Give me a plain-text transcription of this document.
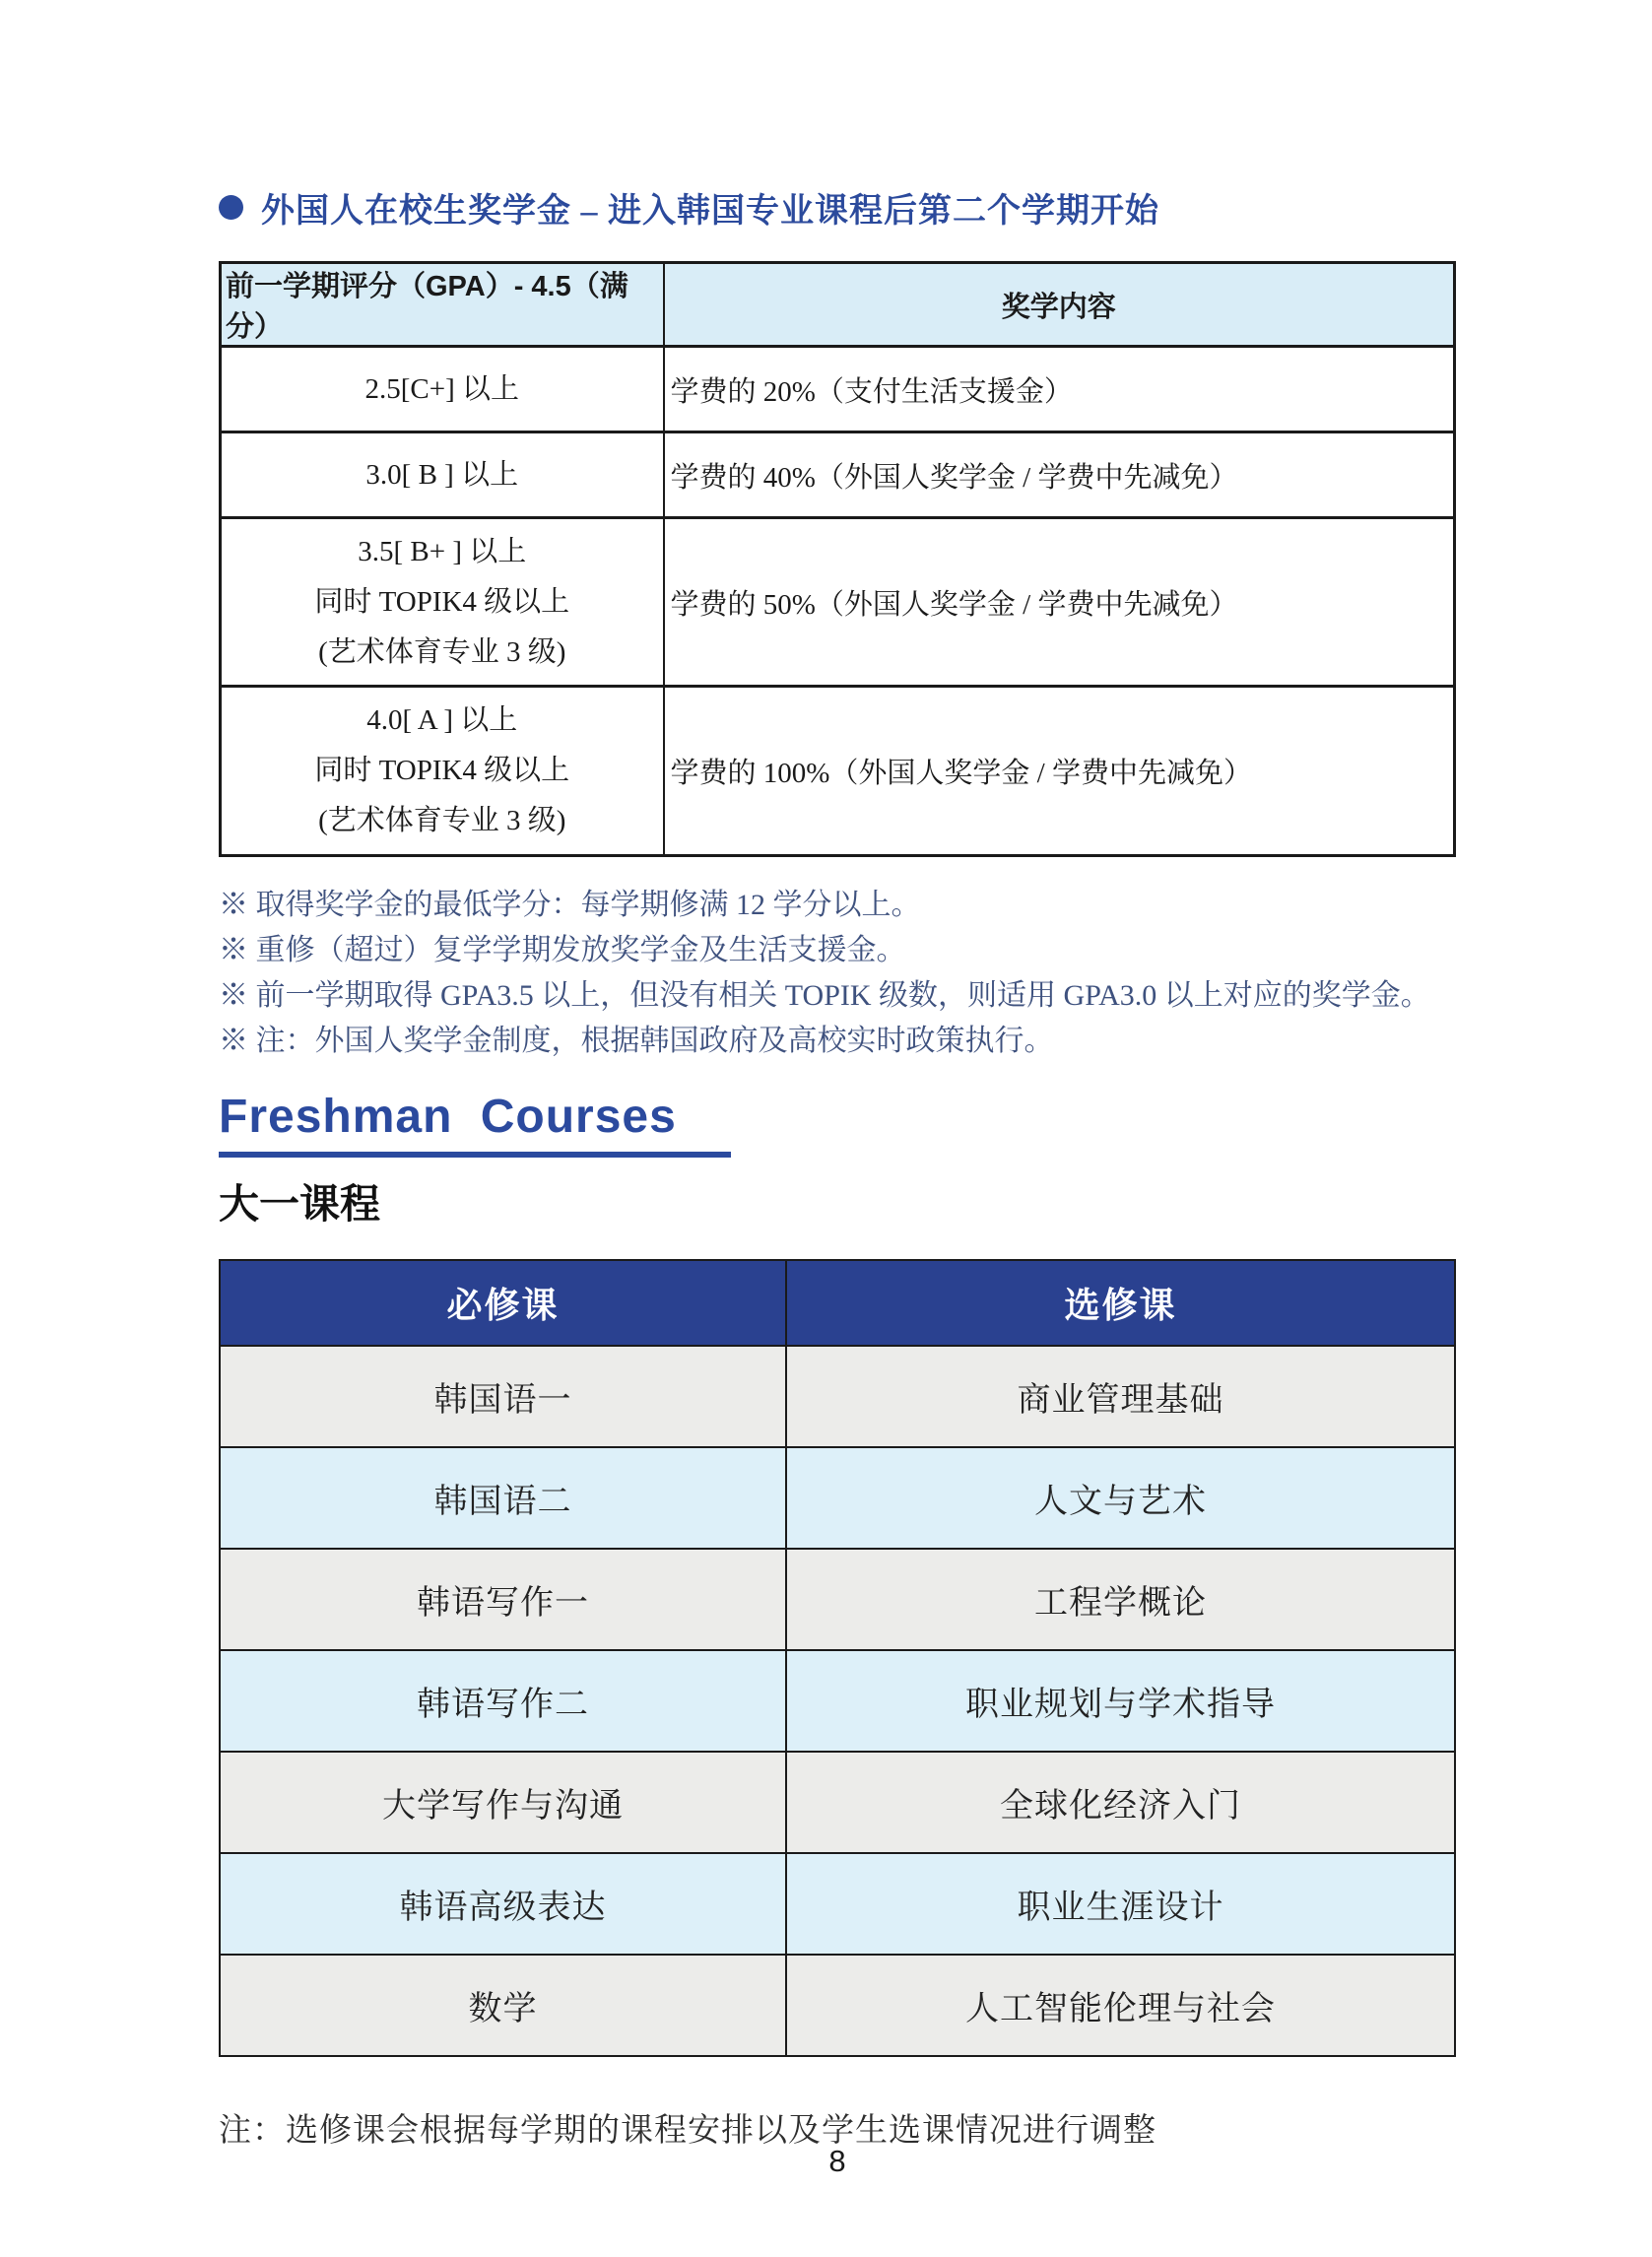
外国人在校生奖学金 – 进入韩国专业课程后第二个学期开始
前一学期评分（GPA）- 4.5（满分）	奖学内容

2.5[C+] 以上	学费的 20%（支付生活支援金）

3.0[ B ] 以上	学费的 40%（外国人奖学金 / 学费中先减免）

3.5[ B+ ] 以上
同时 TOPIK4 级以上
(艺术体育专业 3 级)	学费的 50%（外国人奖学金 / 学费中先减免）

4.0[ A ] 以上
同时 TOPIK4 级以上
(艺术体育专业 3 级)	学费的 100%（外国人奖学金 / 学费中先减免）
※ 取得奖学金的最低学分：每学期修满 12 学分以上。
※ 重修（超过）复学学期发放奖学金及生活支援金。
※ 前一学期取得 GPA3.5 以上，但没有相关 TOPIK 级数，则适用 GPA3.0 以上对应的奖学金。
※ 注：外国人奖学金制度，根据韩国政府及高校实时政策执行。
Freshman Courses
大一课程
必修课	选修课
韩国语一	商业管理基础
韩国语二	人文与艺术
韩语写作一	工程学概论
韩语写作二	职业规划与学术指导
大学写作与沟通	全球化经济入门
韩语高级表达	职业生涯设计
数学	人工智能伦理与社会
注：选修课会根据每学期的课程安排以及学生选课情况进行调整
8
